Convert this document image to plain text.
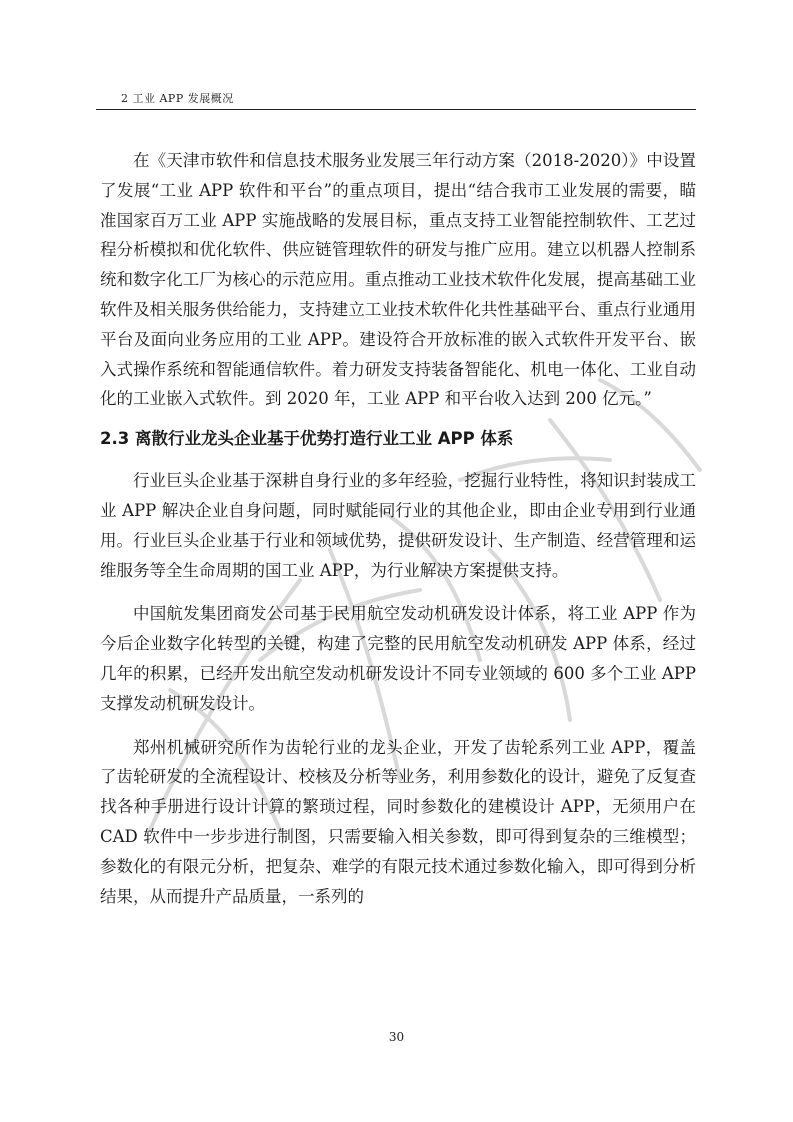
2 工业 APP 发展概况

在《天津市软件和信息技术服务业发展三年行动方案（2018-2020）》中设置了发展“工业 APP 软件和平台”的重点项目，提出“结合我市工业发展的需要，瞄准国家百万工业 APP 实施战略的发展目标，重点支持工业智能控制软件、工艺过程分析模拟和优化软件、供应链管理软件的研发与推广应用。建立以机器人控制系统和数字化工厂为核心的示范应用。重点推动工业技术软件化发展，提高基础工业软件及相关服务供给能力，支持建立工业技术软件化共性基础平台、重点行业通用平台及面向业务应用的工业 APP。建设符合开放标准的嵌入式软件开发平台、嵌入式操作系统和智能通信软件。着力研发支持装备智能化、机电一体化、工业自动化的工业嵌入式软件。到 2020 年，工业 APP 和平台收入达到 200 亿元。”

2.3 离散行业龙头企业基于优势打造行业工业 APP 体系

行业巨头企业基于深耕自身行业的多年经验，挖掘行业特性，将知识封装成工业 APP 解决企业自身问题，同时赋能同行业的其他企业，即由企业专用到行业通用。行业巨头企业基于行业和领域优势，提供研发设计、生产制造、经营管理和运维服务等全生命周期的国工业 APP，为行业解决方案提供支持。

中国航发集团商发公司基于民用航空发动机研发设计体系，将工业 APP 作为今后企业数字化转型的关键，构建了完整的民用航空发动机研发 APP 体系，经过几年的积累，已经开发出航空发动机研发设计不同专业领域的 600 多个工业 APP 支撑发动机研发设计。

郑州机械研究所作为齿轮行业的龙头企业，开发了齿轮系列工业 APP，覆盖了齿轮研发的全流程设计、校核及分析等业务，利用参数化的设计，避免了反复查找各种手册进行设计计算的繁琐过程，同时参数化的建模设计 APP，无须用户在 CAD 软件中一步步进行制图，只需要输入相关参数，即可得到复杂的三维模型；参数化的有限元分析，把复杂、难学的有限元技术通过参数化输入，即可得到分析结果，从而提升产品质量，一系列的

30
